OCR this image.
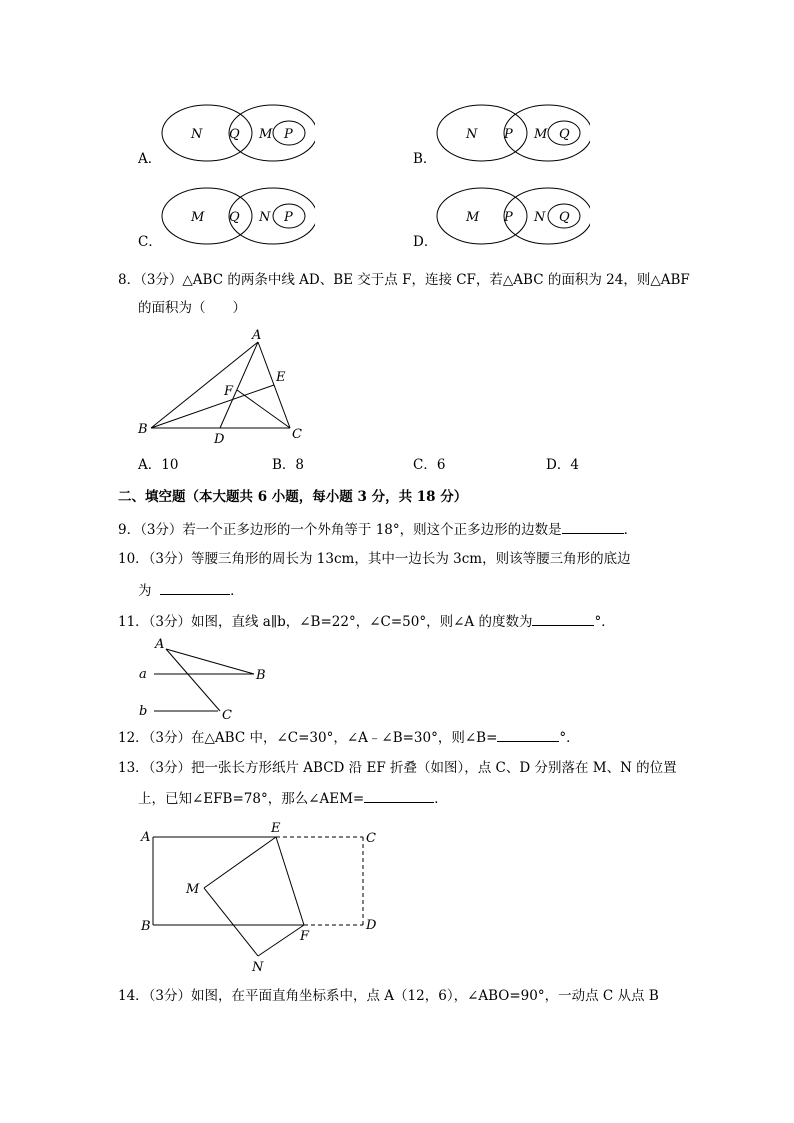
N Q M P
A．
N P M Q
B．
M Q N P
C．
M P N Q
D．
8．（3分）△ABC 的两条中线 AD、BE 交于点 F，连接 CF，若△ABC 的面积为 24，则△ABF
的面积为（　　）
A
B	C
D
E
F
A．10	B．8	C．6	D．4
二、填空题（本大题共 6 小题，每小题 3 分，共 18 分）
9．（3分）若一个正多边形的一个外角等于 18°，则这个正多边形的边数是	．
10．（3分）等腰三角形的周长为 13cm，其中一边长为 3cm，则该等腰三角形的底边
为	．
11．（3分）如图，直线 a∥b，∠B=22°，∠C=50°，则∠A 的度数为	°．
A
B
C
a
b
12．（3分）在△ABC 中，∠C=30°，∠A﹣∠B=30°，则∠B=	°．
13．（3分）把一张长方形纸片 ABCD 沿 EF 折叠（如图），点 C、D 分别落在 M、N 的位置
上，已知∠EFB=78°，那么∠AEM=	．
A
B
C
D
E
F
M
N
14．（3分）如图，在平面直角坐标系中，点 A（12，6），∠ABO=90°，一动点 C 从点 B
